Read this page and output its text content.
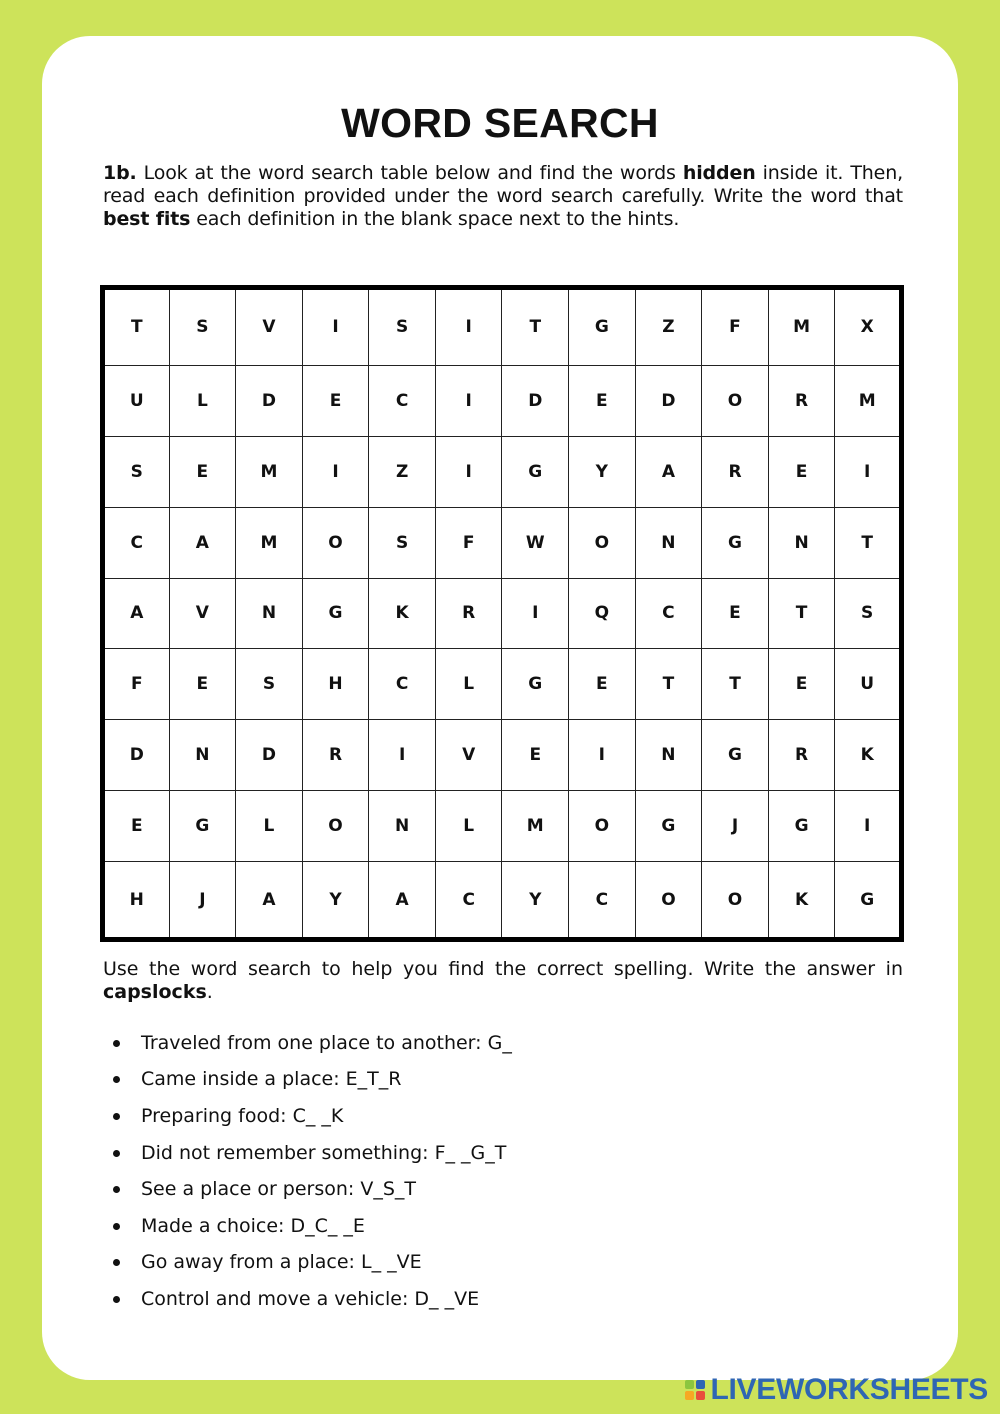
WORD SEARCH

1b. Look at the word search table below and find the words hidden inside it. Then, read each definition provided under the word search carefully. Write the word that best fits each definition in the blank space next to the hints.

T	S	V	I	S	I	T	G	Z	F	M	X
U	L	D	E	C	I	D	E	D	O	R	M
S	E	M	I	Z	I	G	Y	A	R	E	I
C	A	M	O	S	F	W	O	N	G	N	T
A	V	N	G	K	R	I	Q	C	E	T	S
F	E	S	H	C	L	G	E	T	T	E	U
D	N	D	R	I	V	E	I	N	G	R	K
E	G	L	O	N	L	M	O	G	J	G	I
H	J	A	Y	A	C	Y	C	O	O	K	G

Use the word search to help you find the correct spelling. Write the answer in capslocks.

Traveled from one place to another: G_
Came inside a place: E_T_R
Preparing food: C_ _K
Did not remember something: F_ _G_T
See a place or person: V_S_T
Made a choice: D_C_ _E
Go away from a place: L_ _VE
Control and move a vehicle: D_ _VE
LIVEWORKSHEETS
